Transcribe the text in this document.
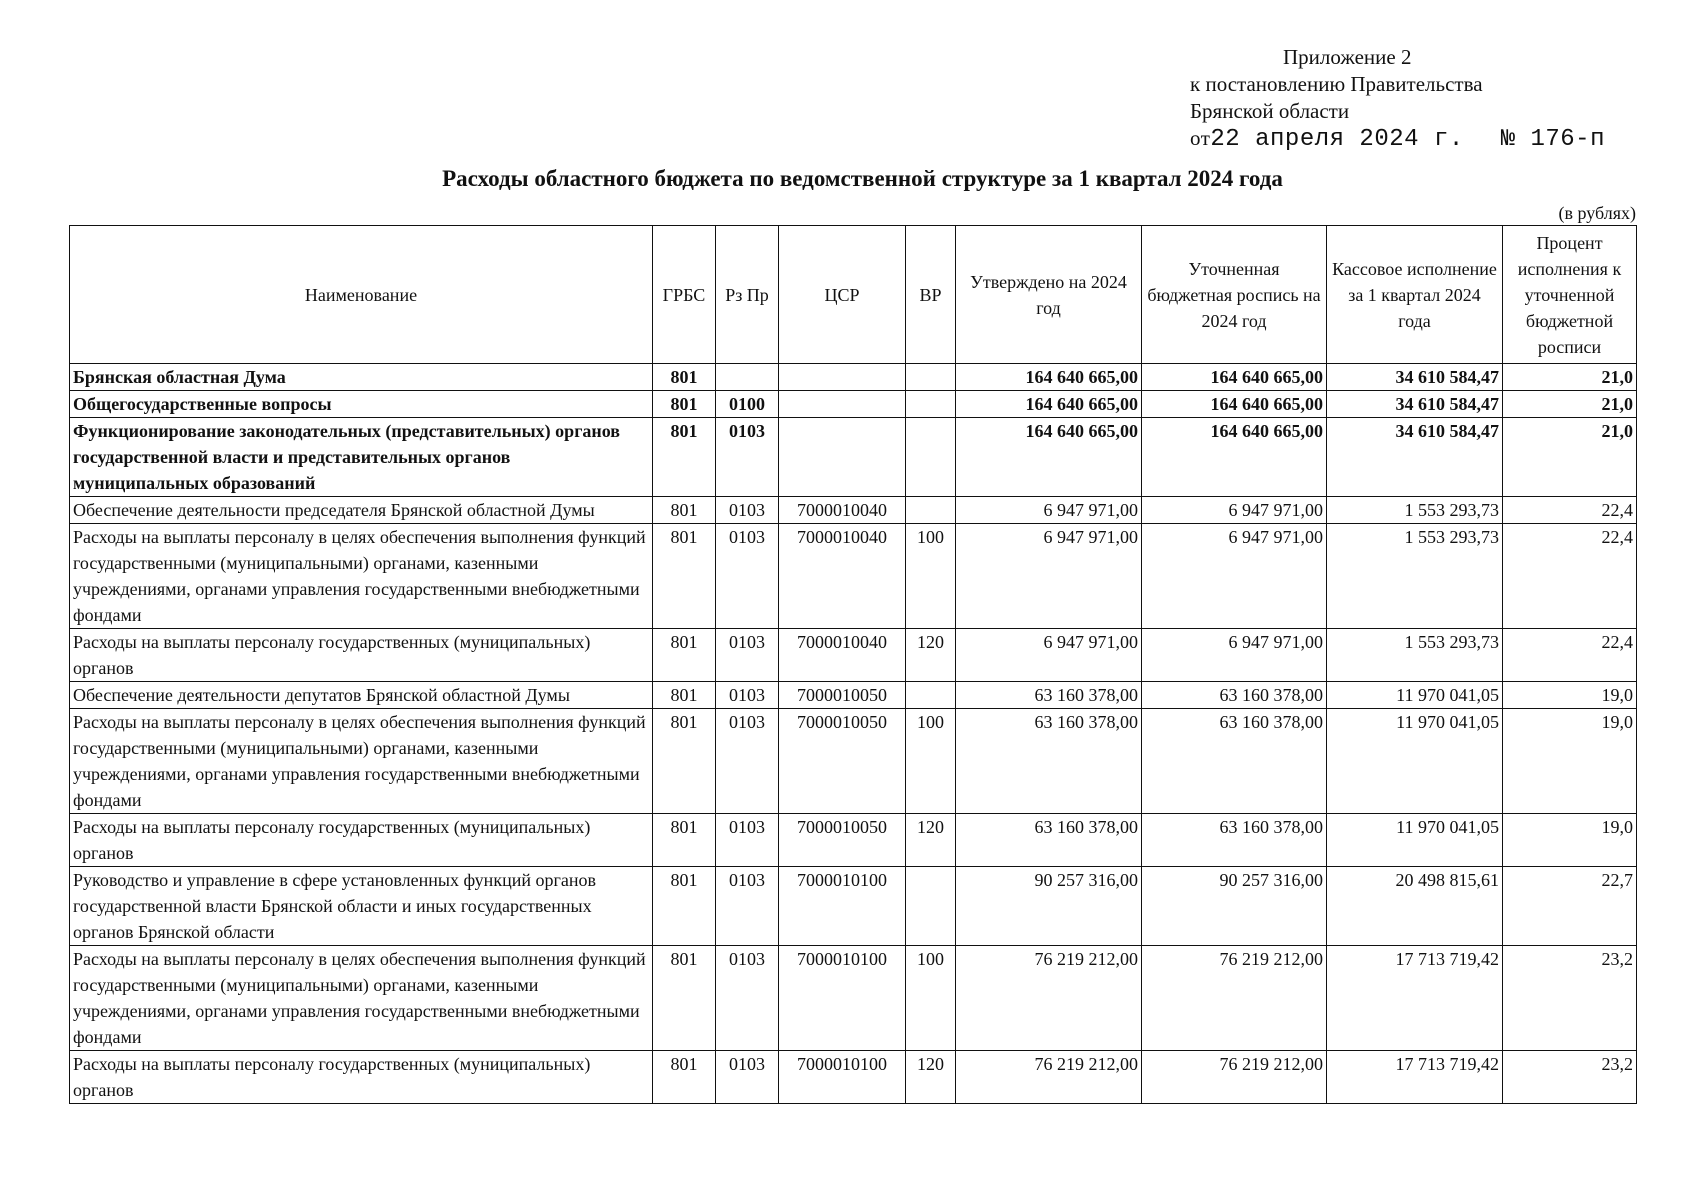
Приложение 2
к постановлению Правительства
Брянской области
от22 апреля 2024 г. № 176-п
Расходы областного бюджета по ведомственной структуре за 1 квартал 2024 года
(в рублях)
Наименование	ГРБС	Рз Пр	ЦСР	ВР	Утверждено на 2024 год	Уточненная бюджетная роспись на 2024 год	Кассовое исполнение за 1 квартал 2024 года	Процент исполнения к уточненной бюджетной росписи
Брянская областная Дума	801				164 640 665,00	164 640 665,00	34 610 584,47	21,0
Общегосударственные вопросы	801	0100			164 640 665,00	164 640 665,00	34 610 584,47	21,0
Функционирование законодательных (представительных) органов государственной власти и представительных органов муниципальных образований	801	0103			164 640 665,00	164 640 665,00	34 610 584,47	21,0
Обеспечение деятельности председателя Брянской областной Думы	801	0103	7000010040		6 947 971,00	6 947 971,00	1 553 293,73	22,4
Расходы на выплаты персоналу в целях обеспечения выполнения функций государственными (муниципальными) органами, казенными учреждениями, органами управления государственными внебюджетными фондами	801	0103	7000010040	100	6 947 971,00	6 947 971,00	1 553 293,73	22,4
Расходы на выплаты персоналу государственных (муниципальных) органов	801	0103	7000010040	120	6 947 971,00	6 947 971,00	1 553 293,73	22,4
Обеспечение деятельности депутатов Брянской областной Думы	801	0103	7000010050		63 160 378,00	63 160 378,00	11 970 041,05	19,0
Расходы на выплаты персоналу в целях обеспечения выполнения функций государственными (муниципальными) органами, казенными учреждениями, органами управления государственными внебюджетными фондами	801	0103	7000010050	100	63 160 378,00	63 160 378,00	11 970 041,05	19,0
Расходы на выплаты персоналу государственных (муниципальных) органов	801	0103	7000010050	120	63 160 378,00	63 160 378,00	11 970 041,05	19,0
Руководство и управление в сфере установленных функций органов государственной власти Брянской области и иных государственных органов Брянской области	801	0103	7000010100		90 257 316,00	90 257 316,00	20 498 815,61	22,7
Расходы на выплаты персоналу в целях обеспечения выполнения функций государственными (муниципальными) органами, казенными учреждениями, органами управления государственными внебюджетными фондами	801	0103	7000010100	100	76 219 212,00	76 219 212,00	17 713 719,42	23,2
Расходы на выплаты персоналу государственных (муниципальных) органов	801	0103	7000010100	120	76 219 212,00	76 219 212,00	17 713 719,42	23,2
